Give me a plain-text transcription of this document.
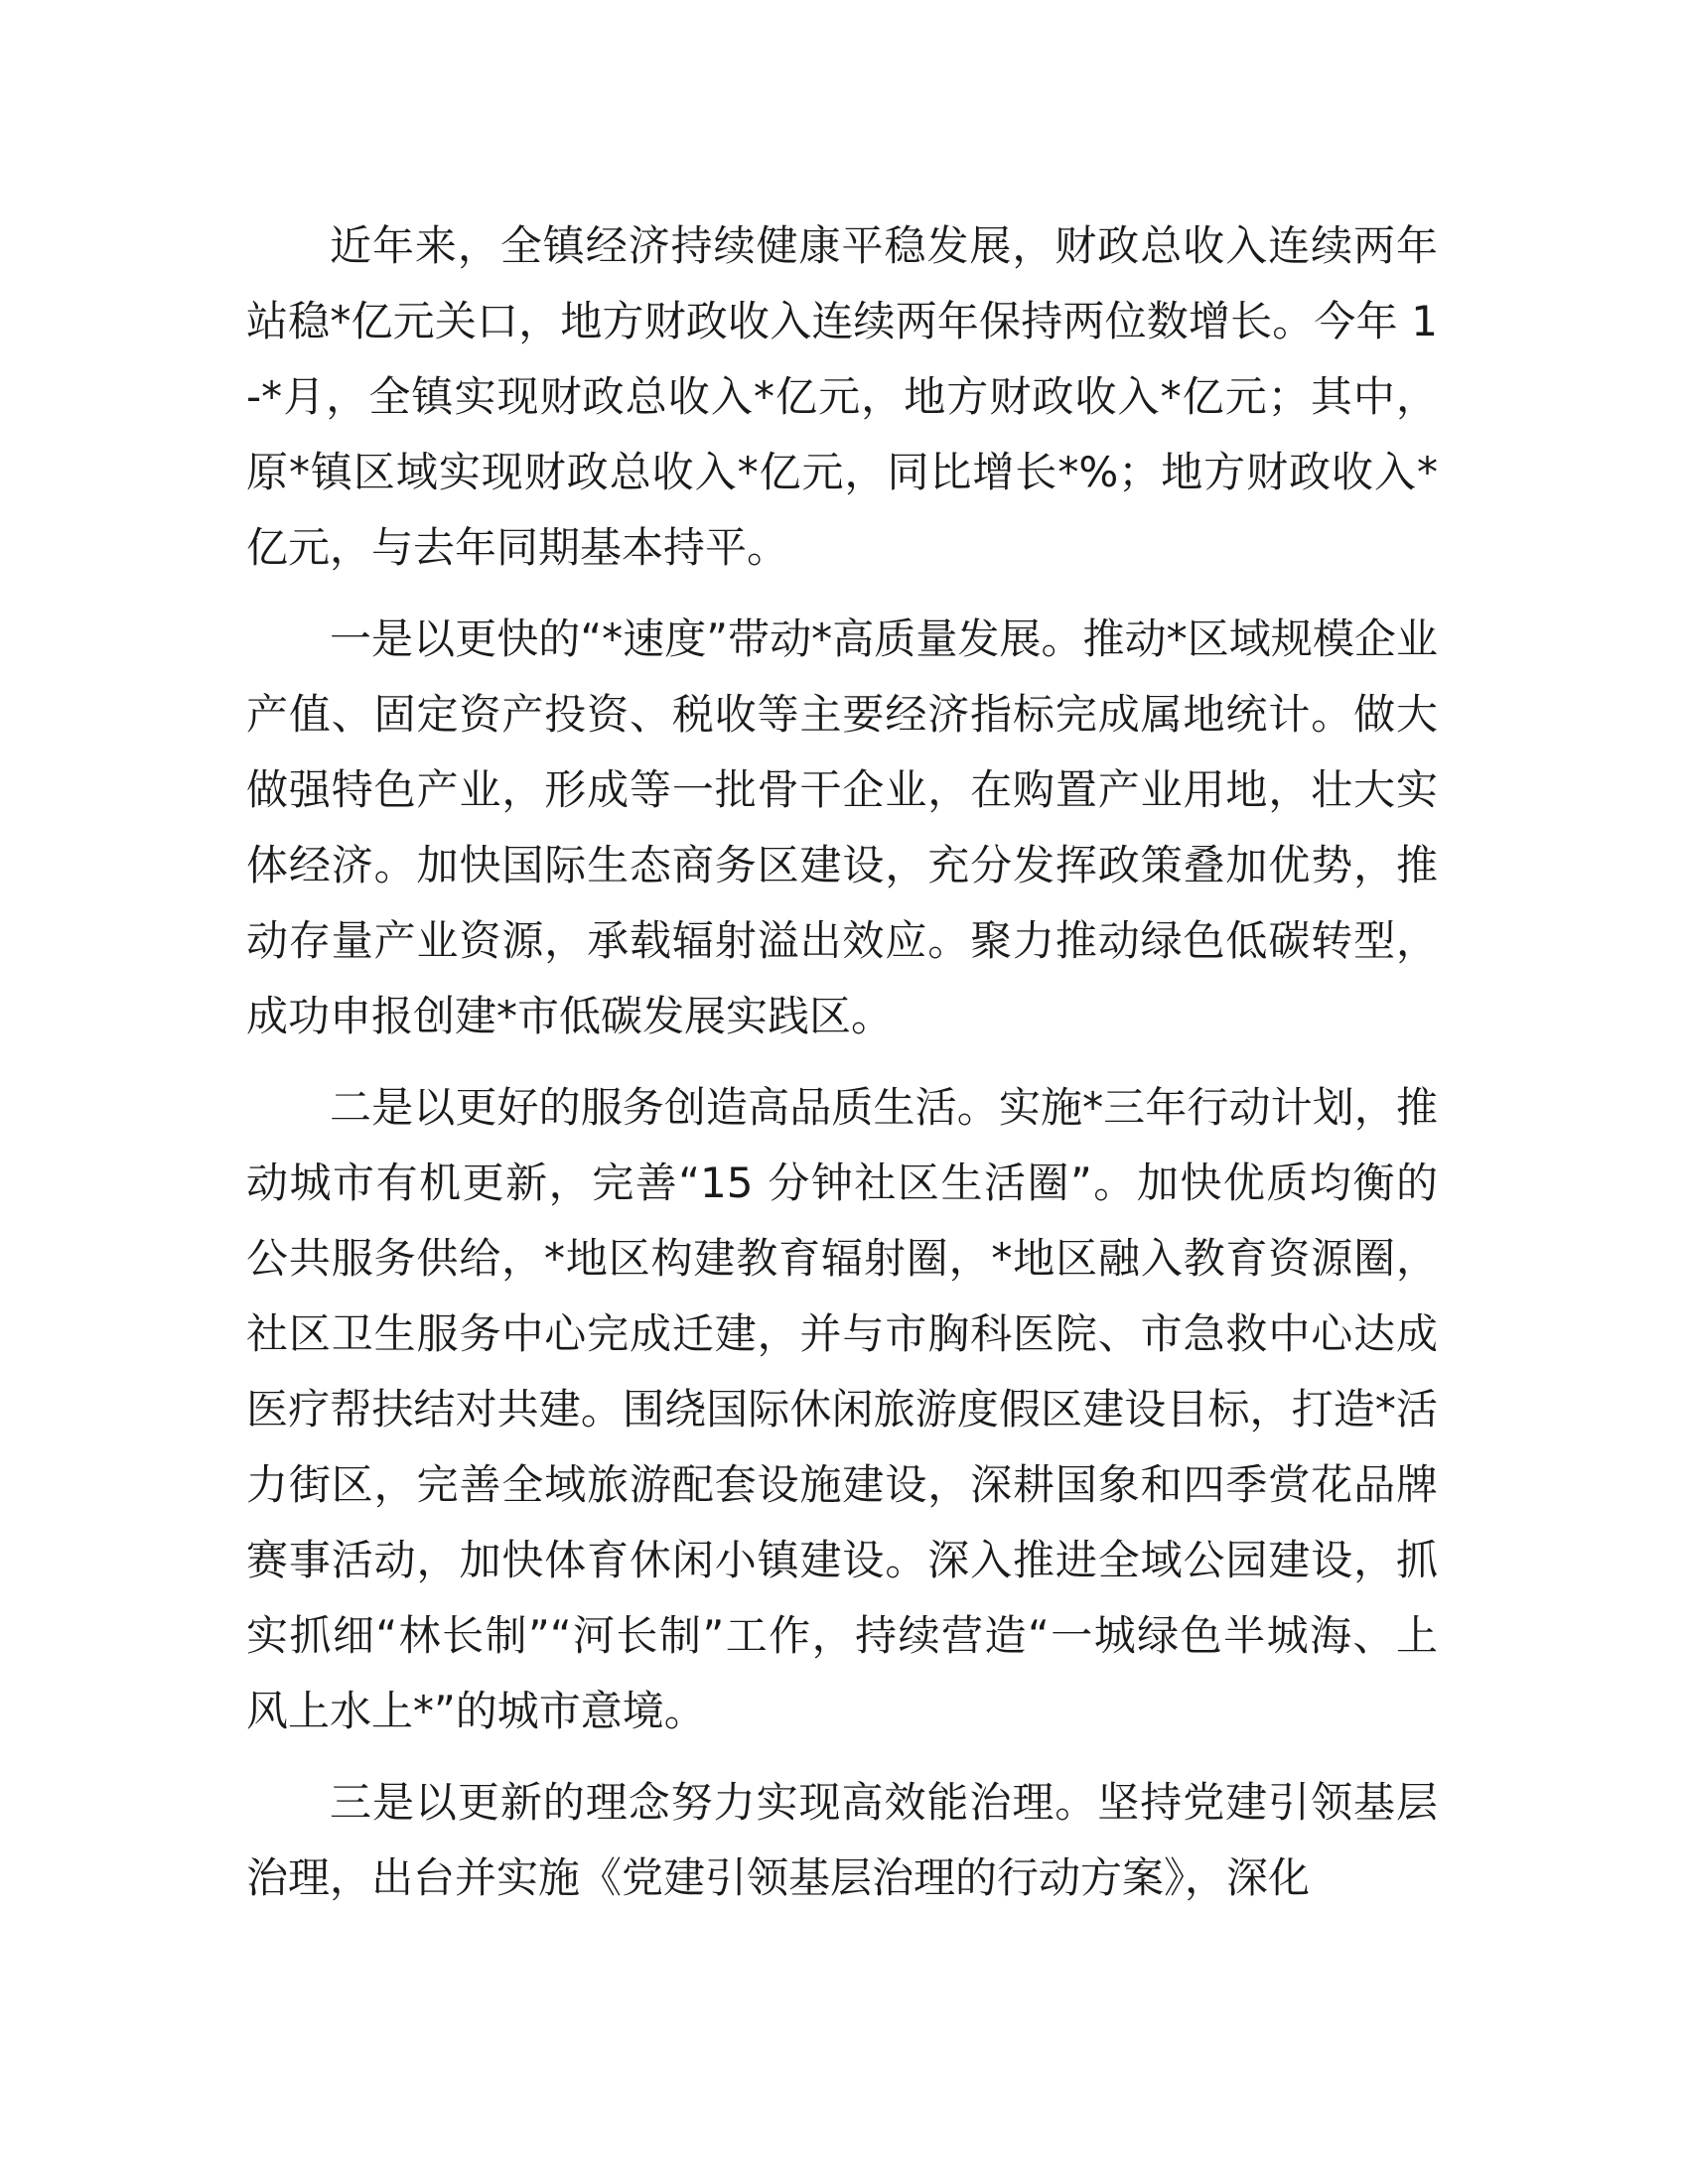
近年来，全镇经济持续健康平稳发展，财政总收入连续两年站稳*亿元关口，地方财政收入连续两年保持两位数增长。今年 1-*月，全镇实现财政总收入*亿元，地方财政收入*亿元；其中，原*镇区域实现财政总收入*亿元，同比增长*%；地方财政收入*亿元，与去年同期基本持平。

一是以更快的“*速度”带动*高质量发展。推动*区域规模企业产值、固定资产投资、税收等主要经济指标完成属地统计。做大做强特色产业，形成等一批骨干企业，在购置产业用地，壮大实体经济。加快国际生态商务区建设，充分发挥政策叠加优势，推动存量产业资源，承载辐射溢出效应。聚力推动绿色低碳转型，成功申报创建*市低碳发展实践区。

二是以更好的服务创造高品质生活。实施*三年行动计划，推动城市有机更新，完善“15 分钟社区生活圈”。加快优质均衡的公共服务供给，*地区构建教育辐射圈，*地区融入教育资源圈，社区卫生服务中心完成迁建，并与市胸科医院、市急救中心达成医疗帮扶结对共建。围绕国际休闲旅游度假区建设目标，打造*活力街区，完善全域旅游配套设施建设，深耕国象和四季赏花品牌赛事活动，加快体育休闲小镇建设。深入推进全域公园建设，抓实抓细“林长制”“河长制”工作，持续营造“一城绿色半城海、上风上水上*”的城市意境。

三是以更新的理念努力实现高效能治理。坚持党建引领基层治理，出台并实施《党建引领基层治理的行动方案》，深化
